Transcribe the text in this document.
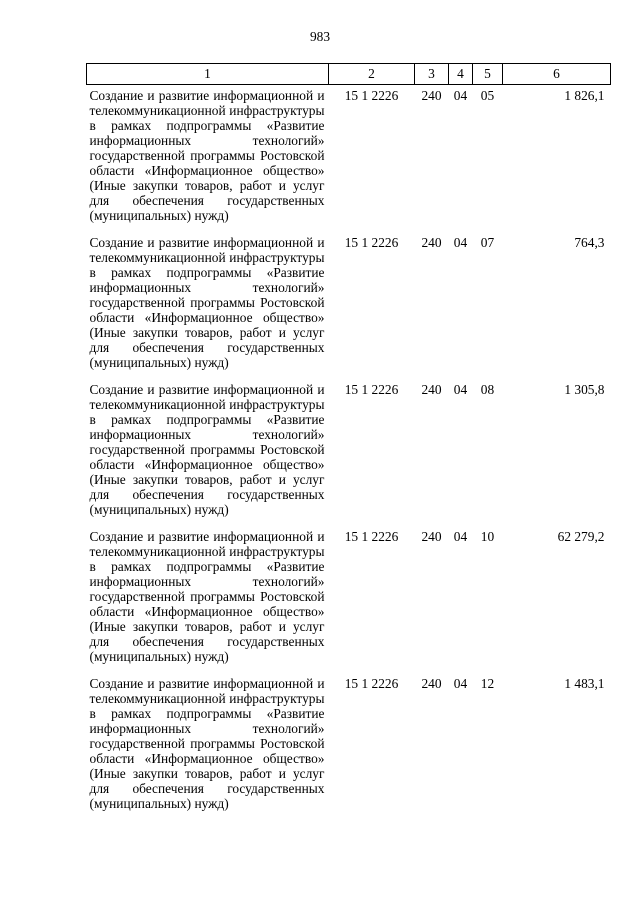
983
1	2	3	4	5	6
Создание и развитие информационной и телекоммуникационной инфраструктуры в рамках подпрограммы «Развитие информационных технологий» государственной программы Ростовской области «Информационное общество» (Иные закупки товаров, работ и услуг для обеспечения государственных (муниципальных) нужд)	15 1 2226	240	04	05	1 826,1
Создание и развитие информационной и телекоммуникационной инфраструктуры в рамках подпрограммы «Развитие информационных технологий» государственной программы Ростовской области «Информационное общество» (Иные закупки товаров, работ и услуг для обеспечения государственных (муниципальных) нужд)	15 1 2226	240	04	07	764,3
Создание и развитие информационной и телекоммуникационной инфраструктуры в рамках подпрограммы «Развитие информационных технологий» государственной программы Ростовской области «Информационное общество» (Иные закупки товаров, работ и услуг для обеспечения государственных (муниципальных) нужд)	15 1 2226	240	04	08	1 305,8
Создание и развитие информационной и телекоммуникационной инфраструктуры в рамках подпрограммы «Развитие информационных технологий» государственной программы Ростовской области «Информационное общество» (Иные закупки товаров, работ и услуг для обеспечения государственных (муниципальных) нужд)	15 1 2226	240	04	10	62 279,2
Создание и развитие информационной и телекоммуникационной инфраструктуры в рамках подпрограммы «Развитие информационных технологий» государственной программы Ростовской области «Информационное общество» (Иные закупки товаров, работ и услуг для обеспечения государственных (муниципальных) нужд)	15 1 2226	240	04	12	1 483,1
